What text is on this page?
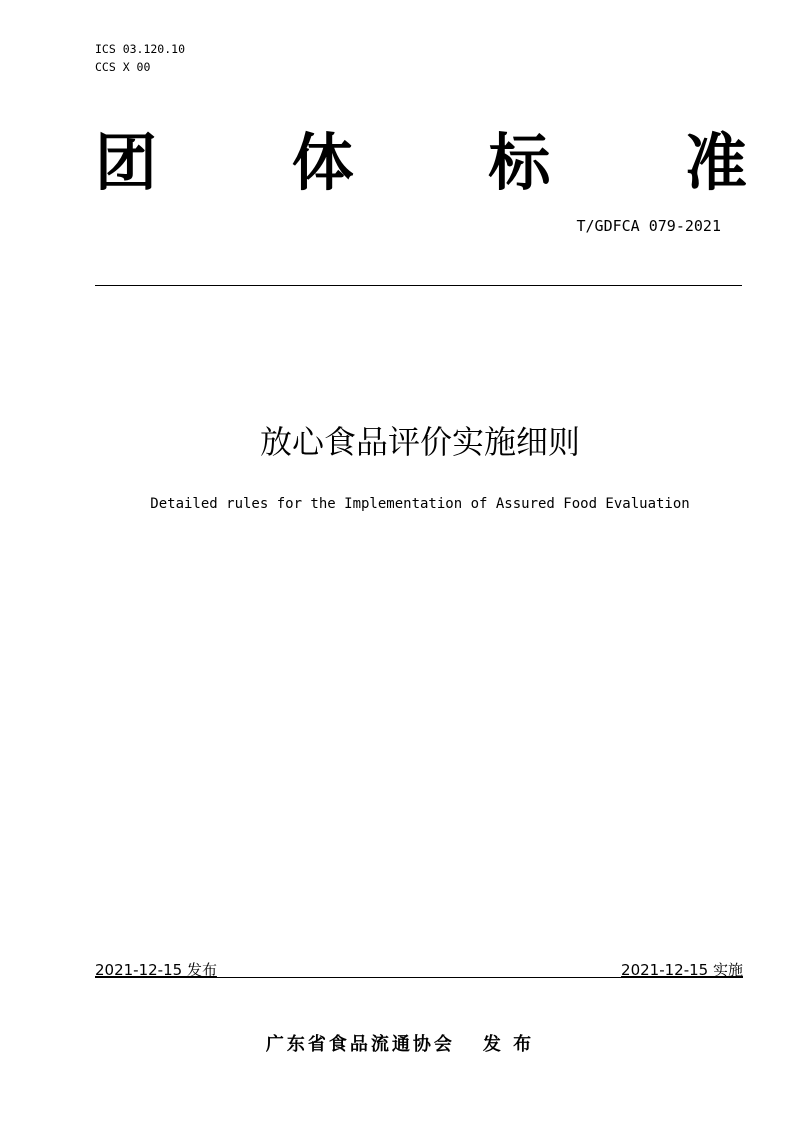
ICS 03.120.10
CCS X 00
团 体 标 准
T/GDFCA 079-2021
放心食品评价实施细则
Detailed rules for the Implementation of Assured Food Evaluation
2021-12-15 发布	2021-12-15 实施
广东省食品流通协会 发 布
